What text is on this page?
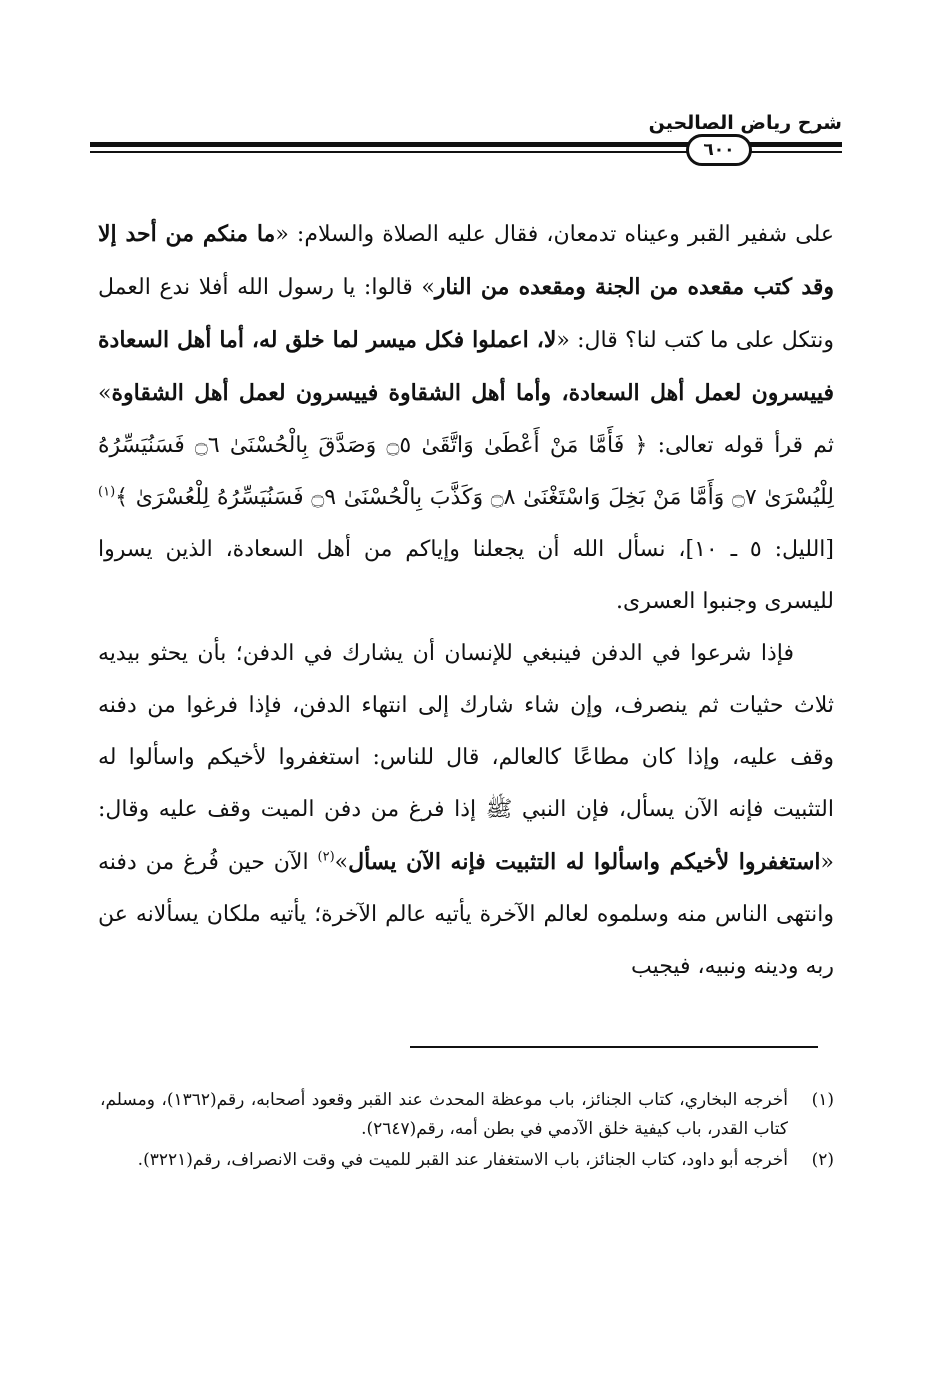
شرح رياض الصالحين
٦٠٠

على شفير القبر وعيناه تدمعان، فقال عليه الصلاة والسلام: «ما منكم من أحد إلا وقد كتب مقعده من الجنة ومقعده من النار» قالوا: يا رسول الله أفلا ندع العمل ونتكل على ما كتب لنا؟ قال: «لا، اعملوا فكل ميسر لما خلق له، أما أهل السعادة فييسرون لعمل أهل السعادة، وأما أهل الشقاوة فييسرون لعمل أهل الشقاوة» ثم قرأ قوله تعالى: ﴿ فَأَمَّا مَنْ أَعْطَىٰ وَاتَّقَىٰ ۝٥ وَصَدَّقَ بِالْحُسْنَىٰ ۝٦ فَسَنُيَسِّرُهُ لِلْيُسْرَىٰ ۝٧ وَأَمَّا مَنْ بَخِلَ وَاسْتَغْنَىٰ ۝٨ وَكَذَّبَ بِالْحُسْنَىٰ ۝٩ فَسَنُيَسِّرُهُ لِلْعُسْرَىٰ ﴾$^{(١)}$ [الليل: ٥ ـ ١٠]، نسأل الله أن يجعلنا وإياكم من أهل السعادة، الذين يسروا لليسرى وجنبوا العسرى.

فإذا شرعوا في الدفن فينبغي للإنسان أن يشارك في الدفن؛ بأن يحثو بيديه ثلاث حثيات ثم ينصرف، وإن شاء شارك إلى انتهاء الدفن، فإذا فرغوا من دفنه وقف عليه، وإذا كان مطاعًا كالعالم، قال للناس: استغفروا لأخيكم واسألوا له التثبيت فإنه الآن يسأل، فإن النبي ﷺ إذا فرغ من دفن الميت وقف عليه وقال: «استغفروا لأخيكم واسألوا له التثبيت فإنه الآن يسأل»$^{(٢)}$ الآن حين فُرغ من دفنه وانتهى الناس منه وسلموه لعالم الآخرة يأتيه عالم الآخرة؛ يأتيه ملكان يسألانه عن ربه ودينه ونبيه، فيجيب

(١)
أخرجه البخاري، كتاب الجنائز، باب موعظة المحدث عند القبر وقعود أصحابه، رقم(١٣٦٢)، ومسلم، كتاب القدر، باب كيفية خلق الآدمي في بطن أمه، رقم(٢٦٤٧).
(٢)
أخرجه أبو داود، كتاب الجنائز، باب الاستغفار عند القبر للميت في وقت الانصراف، رقم(٣٢٢١).
